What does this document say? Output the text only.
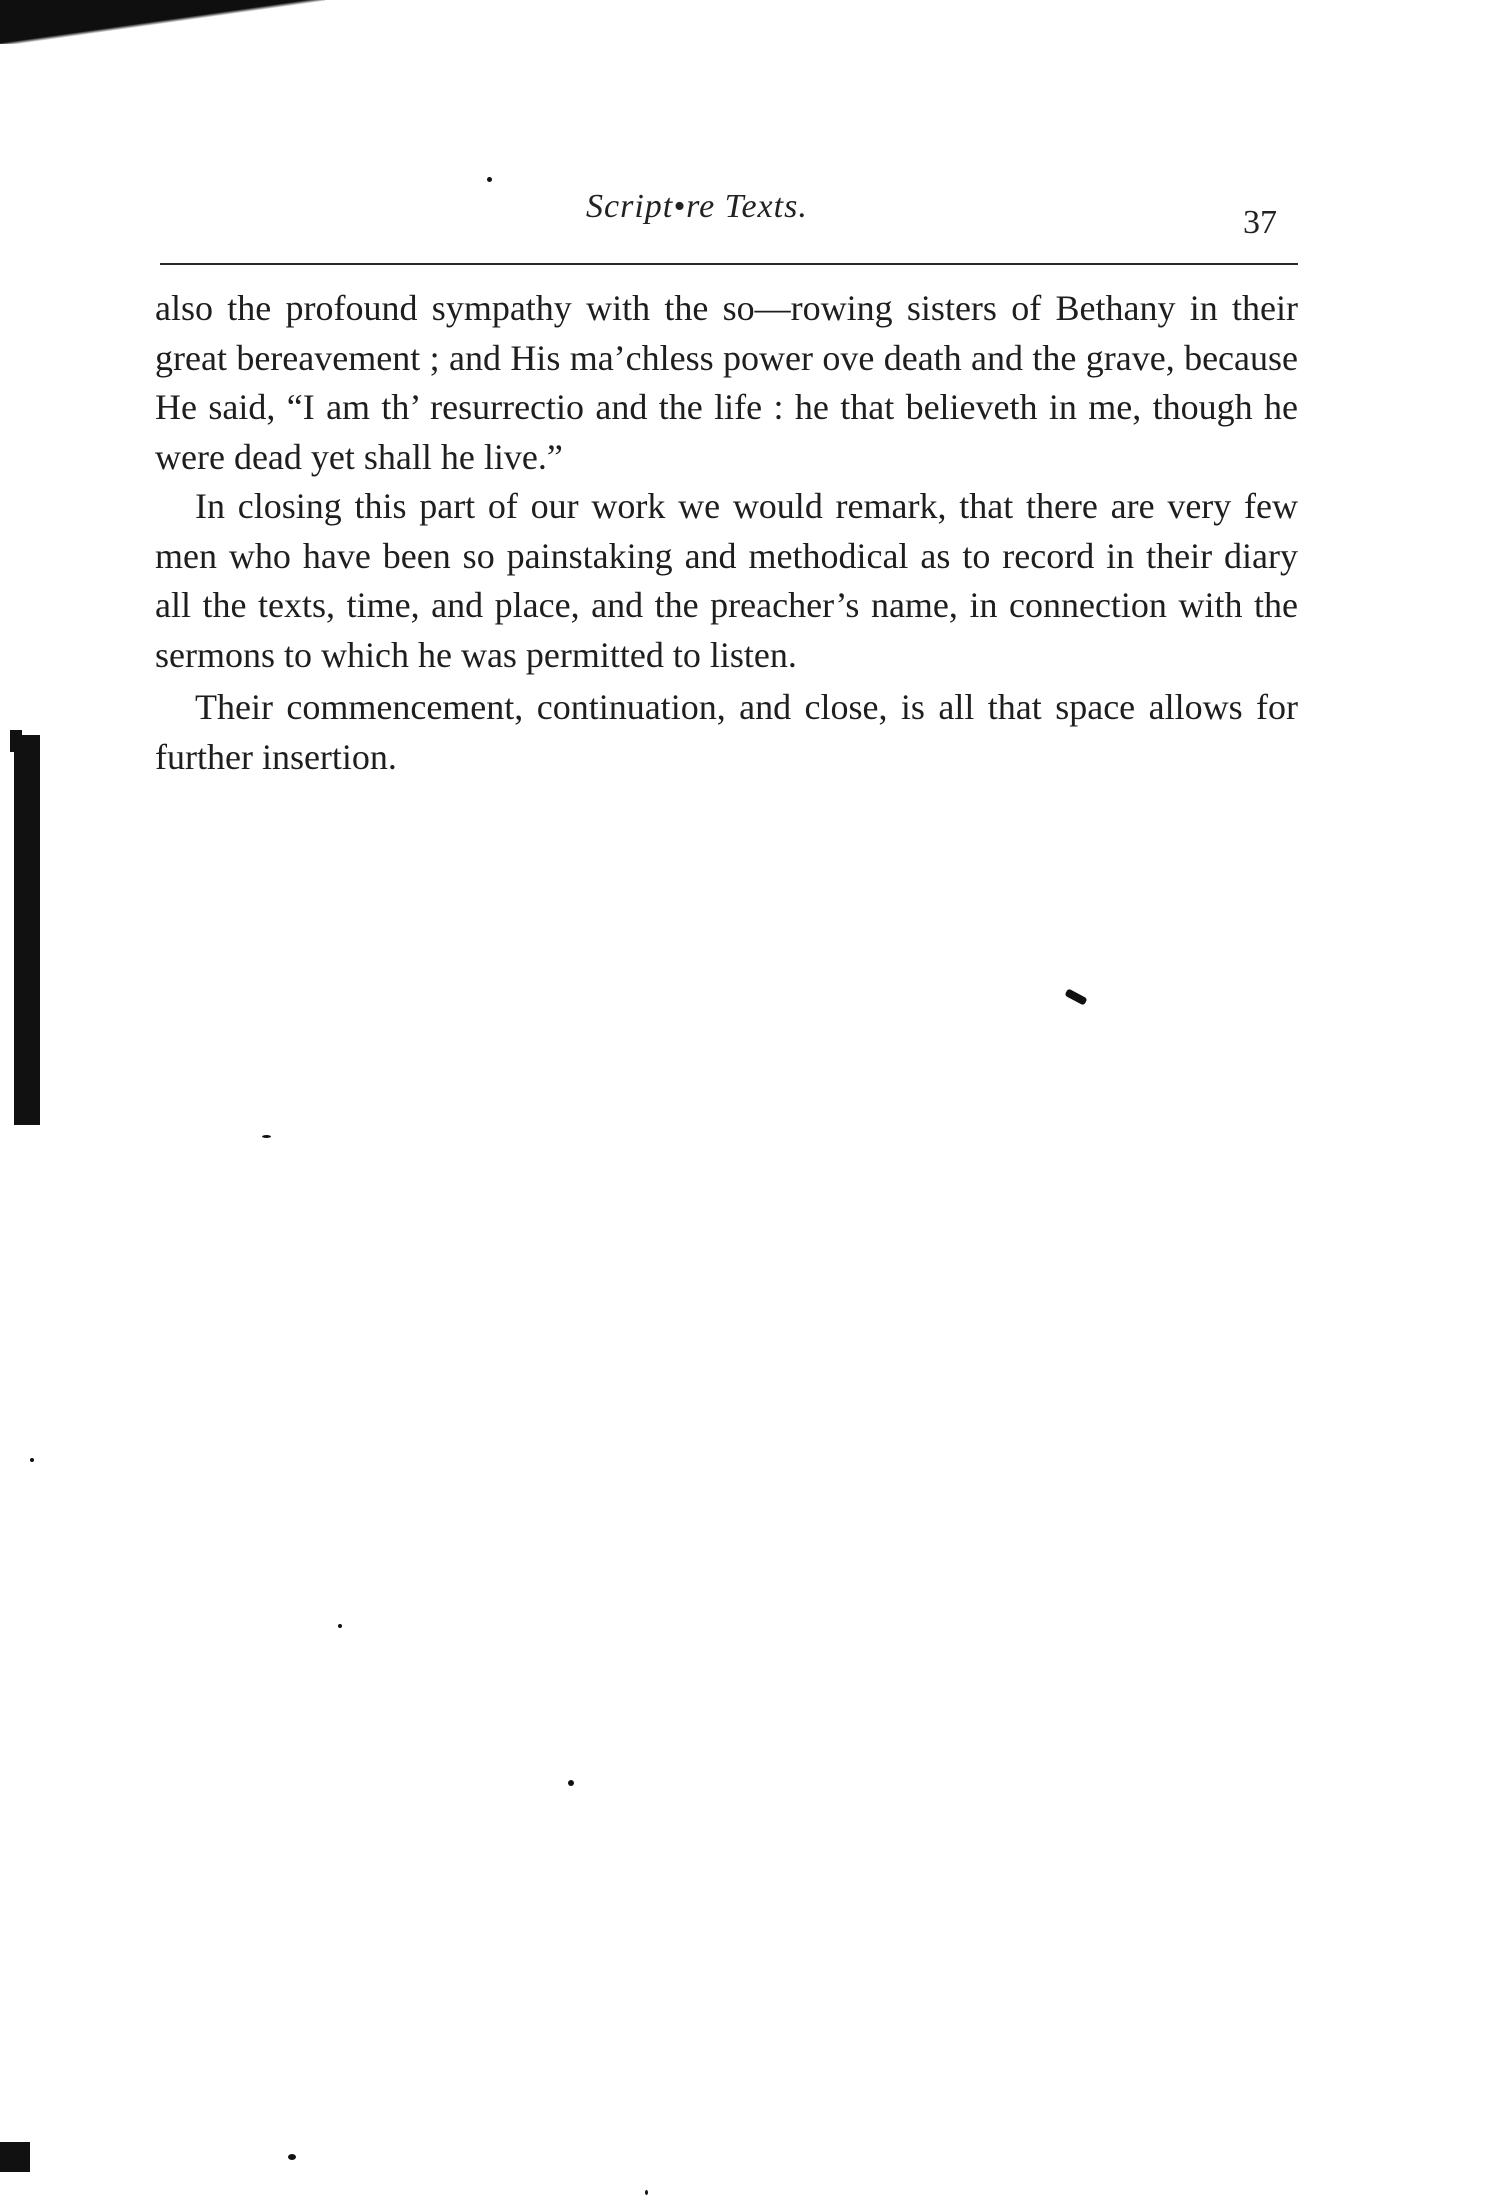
Script•re Texts.	37

also the profound sympathy with the so—rowing sisters of Bethany in their great bereavement ; and His ma’chless power ove death and the grave, because He said, “I am th’ resurrectio and the life : he that believeth in me, though he were dead yet shall he live.”

In closing this part of our work we would remark, that there are very few men who have been so painstaking and methodical as to record in their diary all the texts, time, and place, and the preacher’s name, in connection with the sermons to which he was permitted to listen.

Their commencement, continuation, and close, is all that space allows for further insertion.
